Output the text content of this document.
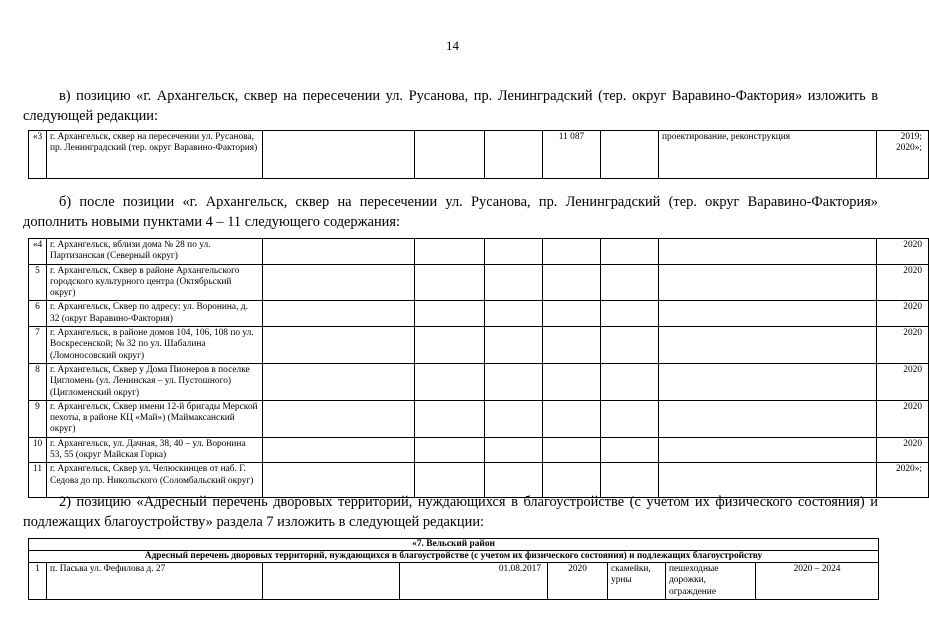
14
в) позицию «г. Архангельск, сквер на пересечении ул. Русанова, пр. Ленинградский (тер. округ Варавино-Фактория» изложить в следующей редакции:
«3	г. Архангельск, сквер на пересечении ул. Русанова, пр. Ленинградский (тер. округ Варавино-Фактория)				11 087		проектирование, реконструкция	2019; 2020»;
б) после позиции «г. Архангельск, сквер на пересечении ул. Русанова, пр. Ленинградский (тер. округ Варавино-Фактория» дополнить новыми пунктами 4 – 11 следующего содержания:
«4	г. Архангельск, вблизи дома № 28 по ул. Партизанская (Северный округ)							2020
5	г. Архангельск, Сквер в районе Архангельского городского культурного центра (Октябрьский округ)							2020
6	г. Архангельск, Сквер по адресу: ул. Воронина, д. 32 (округ Варавино-Фактория)							2020
7	г. Архангельск, в районе домов 104, 106, 108 по ул. Воскресенской; № 32 по ул. Шабалина (Ломоносовский округ)							2020
8	г. Архангельск, Сквер у Дома Пионеров в поселке Цигломень (ул. Ленинская – ул. Пустошного) (Цигломенский округ)							2020
9	г. Архангельск, Сквер имени 12-й бригады Мерской пехоты, в районе КЦ «Май») (Маймаксанский округ)							2020
10	г. Архангельск, ул. Дачная, 38, 40 – ул. Воронина 53, 55 (округ Майская Горка)							2020
11	г. Архангельск, Сквер ул. Челюскинцев от наб. Г. Седова до пр. Никольского (Соломбальский округ)							2020»;
2) позицию «Адресный перечень дворовых территорий, нуждающихся в благоустройстве (с учетом их физического состояния) и подлежащих благоустройству» раздела 7 изложить в следующей редакции:
«7. Вельский район
Адресный перечень дворовых территорий, нуждающихся в благоустройстве (с учетом их физического состояния) и подлежащих благоустройству
1	п. Пасьва ул. Фефилова д. 27		01.08.2017	2020	скамейки, урны	пешеходные дорожки, ограждение	2020 – 2024
